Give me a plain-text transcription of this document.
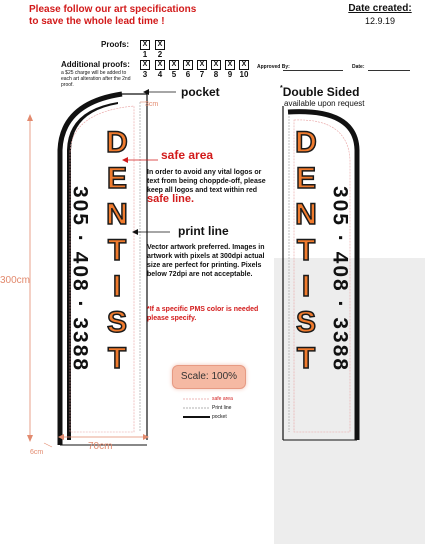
Please follow our art specifications
to save the whole lead time !
Date created:
12.9.19
Proofs:	X	X
1	2
Additional proofs:
a $25 charge will be added to each art alteration after the 2nd proof.
X	X	X	X	X	X	X	X
3	4	5	6	7	8	9 10
Approved By:	Date:
D
E
N
T
I
S
T
305 · 408 · 3388
D
E
N
T
I
S
T 305 · 408 · 3388
pocket
3cm
*Double Sided
available upon request
safe area
In order to avoid any vital logos or text from being choppde-off, please keep all logos and text within red safe line.
print line
Vector artwork preferred. Images in artwork with pixels at 300dpi actual size are perfect for printing. Pixels below 72dpi are not acceptable.
*If a specific PMS color is needed please specify.
Scale: 100%
safe area
Print line
pocket
300cm
70cm
6cm
